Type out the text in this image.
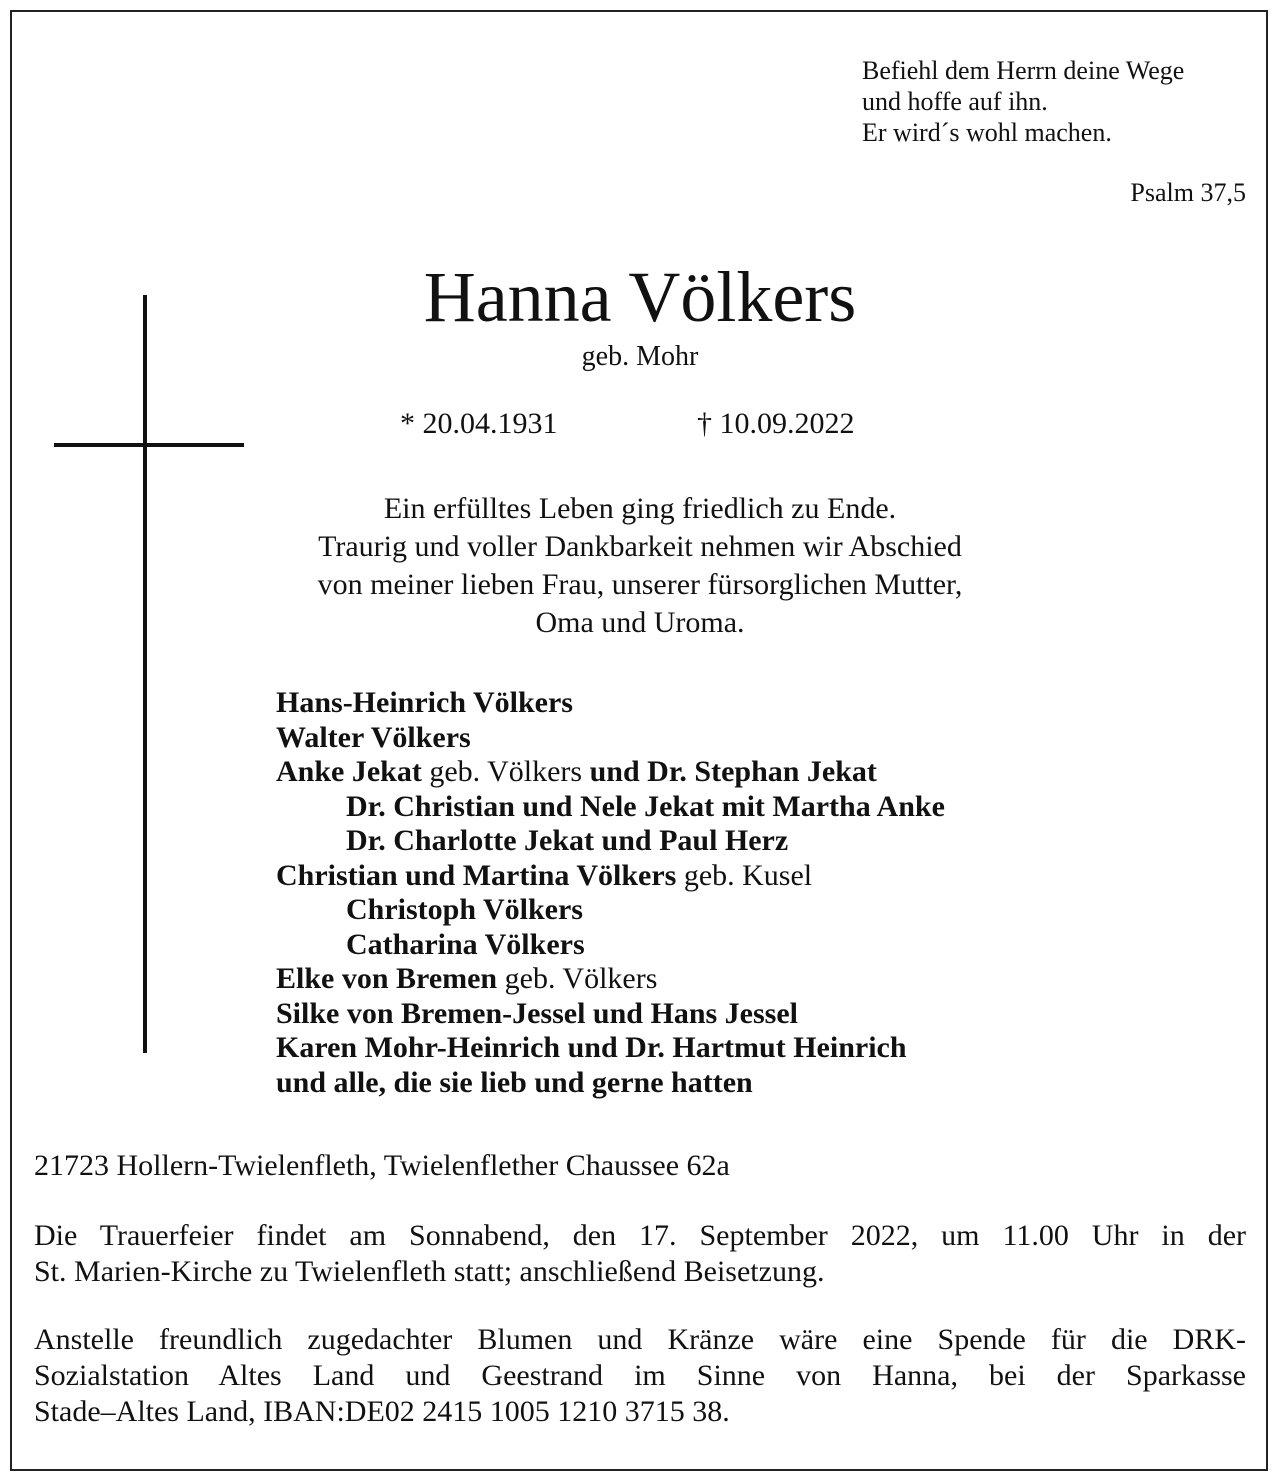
Befiehl dem Herrn deine Wege
und hoffe auf ihn.
Er wird´s wohl machen.
Psalm 37,5
Hanna Völkers
geb. Mohr
* 20.04.1931	† 10.09.2022
Ein erfülltes Leben ging friedlich zu Ende.
Traurig und voller Dankbarkeit nehmen wir Abschied
von meiner lieben Frau, unserer fürsorglichen Mutter,
Oma und Uroma.
Hans-Heinrich Völkers
Walter Völkers
Anke Jekat geb. Völkers und Dr. Stephan Jekat
Dr. Christian und Nele Jekat mit Martha Anke
Dr. Charlotte Jekat und Paul Herz
Christian und Martina Völkers geb. Kusel
Christoph Völkers
Catharina Völkers
Elke von Bremen geb. Völkers
Silke von Bremen-Jessel und Hans Jessel
Karen Mohr-Heinrich und Dr. Hartmut Heinrich
und alle, die sie lieb und gerne hatten
21723 Hollern-Twielenfleth, Twielenflether Chaussee 62a
Die Trauerfeier findet am Sonnabend, den 17. September 2022, um 11.00 Uhr in der
St. Marien-Kirche zu Twielenfleth statt; anschließend Beisetzung.
Anstelle freundlich zugedachter Blumen und Kränze wäre eine Spende für die DRK-
Sozialstation Altes Land und Geestrand im Sinne von Hanna, bei der Sparkasse
Stade–Altes Land, IBAN:DE02 2415 1005 1210 3715 38.
